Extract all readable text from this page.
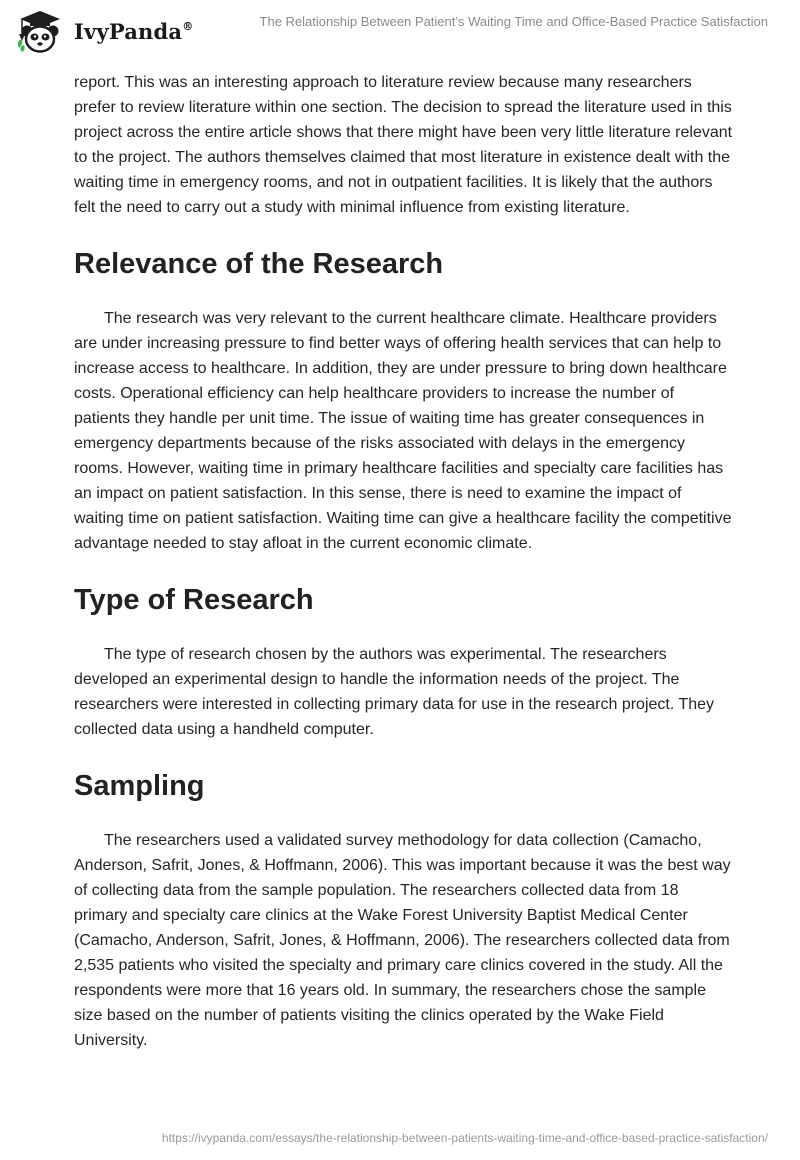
IvyPanda®	The Relationship Between Patient’s Waiting Time and Office-Based Practice Satisfaction

report. This was an interesting approach to literature review because many researchers prefer to review literature within one section. The decision to spread the literature used in this project across the entire article shows that there might have been very little literature relevant to the project. The authors themselves claimed that most literature in existence dealt with the waiting time in emergency rooms, and not in outpatient facilities. It is likely that the authors felt the need to carry out a study with minimal influence from existing literature.

Relevance of the Research

The research was very relevant to the current healthcare climate. Healthcare providers are under increasing pressure to find better ways of offering health services that can help to increase access to healthcare. In addition, they are under pressure to bring down healthcare costs. Operational efficiency can help healthcare providers to increase the number of patients they handle per unit time. The issue of waiting time has greater consequences in emergency departments because of the risks associated with delays in the emergency rooms. However, waiting time in primary healthcare facilities and specialty care facilities has an impact on patient satisfaction. In this sense, there is need to examine the impact of waiting time on patient satisfaction. Waiting time can give a healthcare facility the competitive advantage needed to stay afloat in the current economic climate.

Type of Research

The type of research chosen by the authors was experimental. The researchers developed an experimental design to handle the information needs of the project. The researchers were interested in collecting primary data for use in the research project. They collected data using a handheld computer.

Sampling

The researchers used a validated survey methodology for data collection (Camacho, Anderson, Safrit, Jones, & Hoffmann, 2006). This was important because it was the best way of collecting data from the sample population. The researchers collected data from 18 primary and specialty care clinics at the Wake Forest University Baptist Medical Center (Camacho, Anderson, Safrit, Jones, & Hoffmann, 2006). The researchers collected data from 2,535 patients who visited the specialty and primary care clinics covered in the study. All the respondents were more that 16 years old. In summary, the researchers chose the sample size based on the number of patients visiting the clinics operated by the Wake Field University.

https://ivypanda.com/essays/the-relationship-between-patients-waiting-time-and-office-based-practice-satisfaction/
